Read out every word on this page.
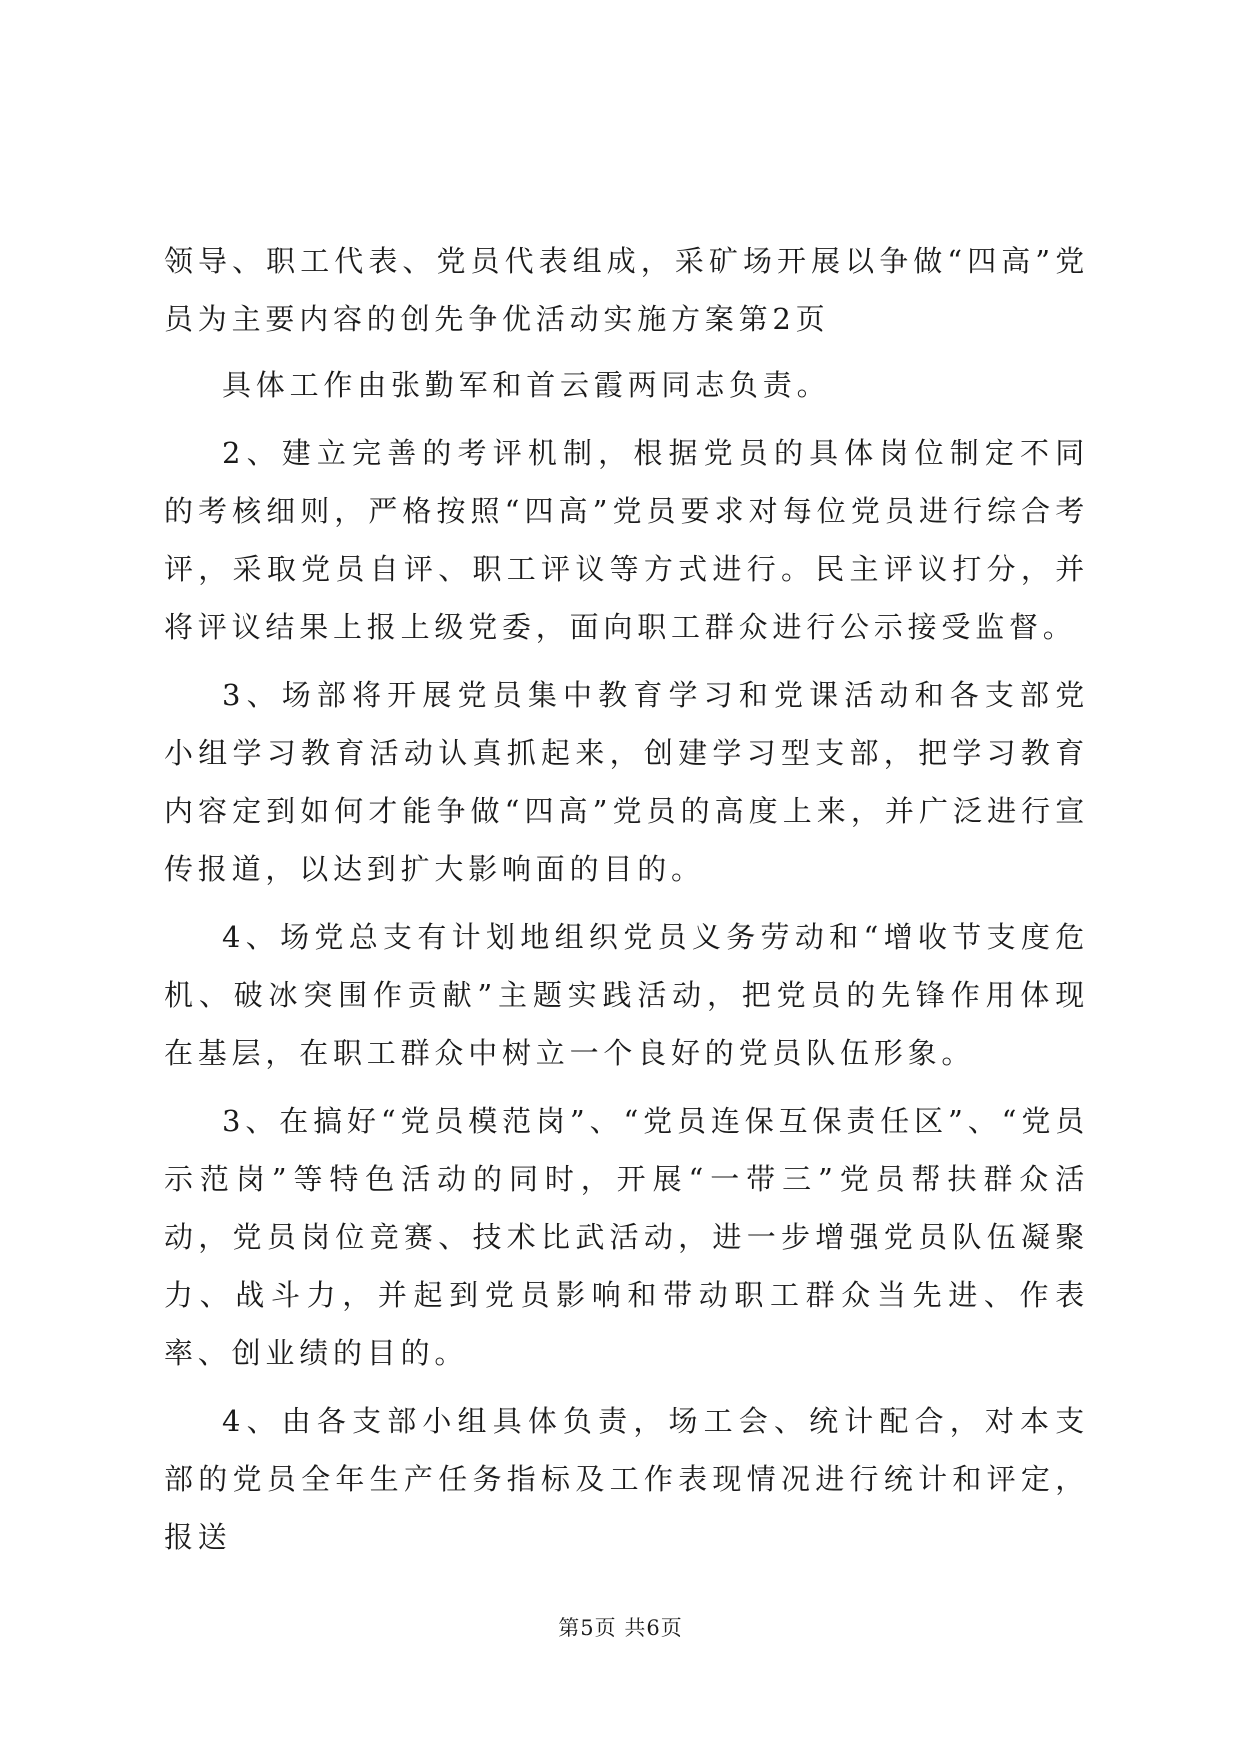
领导、职工代表、党员代表组成，采矿场开展以争做“四高”党员为主要内容的创先争优活动实施方案第2页

具体工作由张勤军和首云霞两同志负责。

2、建立完善的考评机制，根据党员的具体岗位制定不同的考核细则，严格按照“四高”党员要求对每位党员进行综合考评，采取党员自评、职工评议等方式进行。民主评议打分，并将评议结果上报上级党委，面向职工群众进行公示接受监督。

3、场部将开展党员集中教育学习和党课活动和各支部党小组学习教育活动认真抓起来，创建学习型支部，把学习教育内容定到如何才能争做“四高”党员的高度上来，并广泛进行宣传报道，以达到扩大影响面的目的。

4、场党总支有计划地组织党员义务劳动和“增收节支度危机、破冰突围作贡献”主题实践活动，把党员的先锋作用体现在基层，在职工群众中树立一个良好的党员队伍形象。

3、在搞好“党员模范岗”、“党员连保互保责任区”、“党员示范岗”等特色活动的同时，开展“一带三”党员帮扶群众活动，党员岗位竞赛、技术比武活动，进一步增强党员队伍凝聚力、战斗力，并起到党员影响和带动职工群众当先进、作表率、创业绩的目的。

4、由各支部小组具体负责，场工会、统计配合，对本支部的党员全年生产任务指标及工作表现情况进行统计和评定，报送

第5页 共6页
